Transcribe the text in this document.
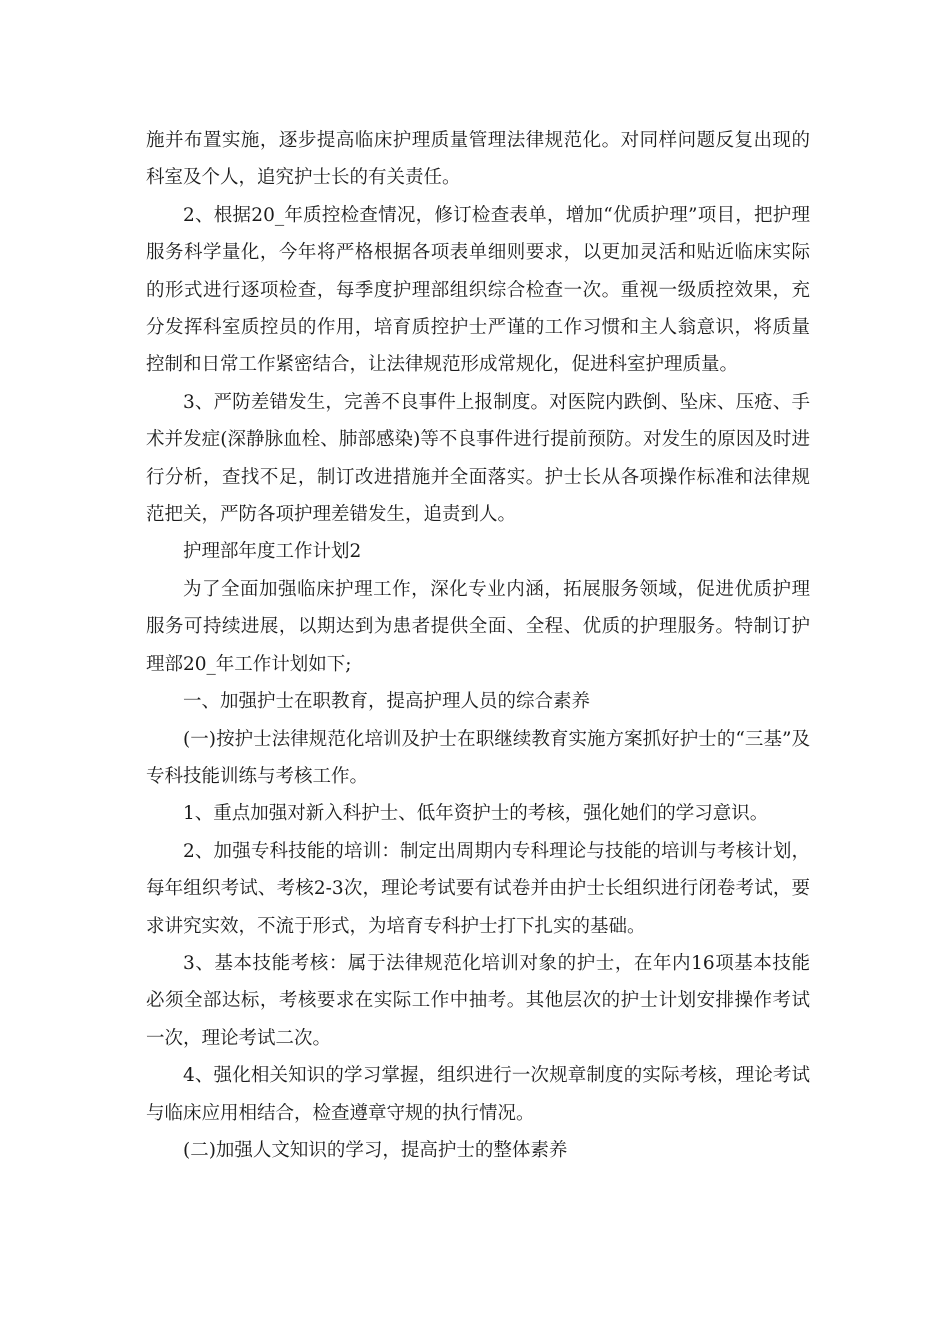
施并布置实施，逐步提高临床护理质量管理法律规范化。对同样问题反复出现的科室及个人，追究护士长的有关责任。

2、根据20_年质控检查情况，修订检查表单，增加“优质护理”项目，把护理服务科学量化，今年将严格根据各项表单细则要求，以更加灵活和贴近临床实际的形式进行逐项检查，每季度护理部组织综合检查一次。重视一级质控效果，充分发挥科室质控员的作用，培育质控护士严谨的工作习惯和主人翁意识，将质量控制和日常工作紧密结合，让法律规范形成常规化，促进科室护理质量。

3、严防差错发生，完善不良事件上报制度。对医院内跌倒、坠床、压疮、手术并发症(深静脉血栓、肺部感染)等不良事件进行提前预防。对发生的原因及时进行分析，查找不足，制订改进措施并全面落实。护士长从各项操作标准和法律规范把关，严防各项护理差错发生，追责到人。

护理部年度工作计划2

为了全面加强临床护理工作，深化专业内涵，拓展服务领域，促进优质护理服务可持续进展，以期达到为患者提供全面、全程、优质的护理服务。特制订护理部20_年工作计划如下;

一、加强护士在职教育，提高护理人员的综合素养

(一)按护士法律规范化培训及护士在职继续教育实施方案抓好护士的“三基”及专科技能训练与考核工作。

1、重点加强对新入科护士、低年资护士的考核，强化她们的学习意识。

2、加强专科技能的培训：制定出周期内专科理论与技能的培训与考核计划，每年组织考试、考核2-3次，理论考试要有试卷并由护士长组织进行闭卷考试，要求讲究实效，不流于形式，为培育专科护士打下扎实的基础。

3、基本技能考核：属于法律规范化培训对象的护士，在年内16项基本技能必须全部达标，考核要求在实际工作中抽考。其他层次的护士计划安排操作考试一次，理论考试二次。

4、强化相关知识的学习掌握，组织进行一次规章制度的实际考核，理论考试与临床应用相结合，检查遵章守规的执行情况。

(二)加强人文知识的学习，提高护士的整体素养
